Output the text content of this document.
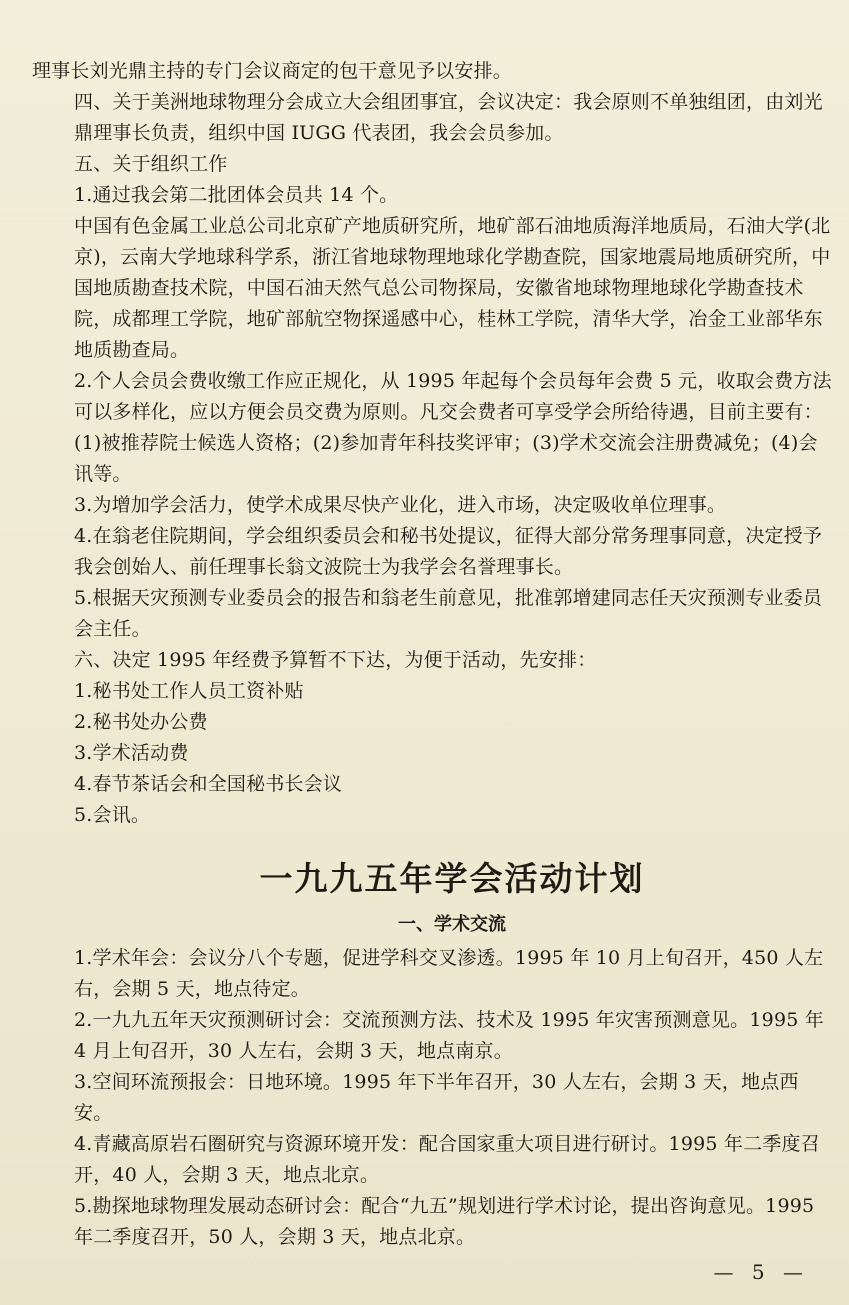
理事长刘光鼎主持的专门会议商定的包干意见予以安排。

四、关于美洲地球物理分会成立大会组团事宜，会议决定：我会原则不单独组团，由刘光鼎理事长负责，组织中国 IUGG 代表团，我会会员参加。

五、关于组织工作

1.通过我会第二批团体会员共 14 个。

中国有色金属工业总公司北京矿产地质研究所，地矿部石油地质海洋地质局，石油大学(北京)，云南大学地球科学系，浙江省地球物理地球化学勘查院，国家地震局地质研究所，中国地质勘查技术院，中国石油天然气总公司物探局，安徽省地球物理地球化学勘查技术院，成都理工学院，地矿部航空物探遥感中心，桂林工学院，清华大学，冶金工业部华东地质勘查局。

2.个人会员会费收缴工作应正规化，从 1995 年起每个会员每年会费 5 元，收取会费方法可以多样化，应以方便会员交费为原则。凡交会费者可享受学会所给待遇，目前主要有：(1)被推荐院士候选人资格；(2)参加青年科技奖评审；(3)学术交流会注册费减免；(4)会讯等。

3.为增加学会活力，使学术成果尽快产业化，进入市场，决定吸收单位理事。

4.在翁老住院期间，学会组织委员会和秘书处提议，征得大部分常务理事同意，决定授予我会创始人、前任理事长翁文波院士为我学会名誉理事长。

5.根据天灾预测专业委员会的报告和翁老生前意见，批准郭增建同志任天灾预测专业委员会主任。

六、决定 1995 年经费予算暂不下达，为便于活动，先安排：

1.秘书处工作人员工资补贴

2.秘书处办公费

3.学术活动费

4.春节茶话会和全国秘书长会议

5.会讯。

一九九五年学会活动计划
一、学术交流

1.学术年会：会议分八个专题，促进学科交叉渗透。1995 年 10 月上旬召开，450 人左右，会期 5 天，地点待定。

2.一九九五年天灾预测研讨会：交流预测方法、技术及 1995 年灾害预测意见。1995 年 4 月上旬召开，30 人左右，会期 3 天，地点南京。

3.空间环流预报会：日地环境。1995 年下半年召开，30 人左右，会期 3 天，地点西安。

4.青藏高原岩石圈研究与资源环境开发：配合国家重大项目进行研讨。1995 年二季度召开，40 人，会期 3 天，地点北京。

5.勘探地球物理发展动态研讨会：配合“九五”规划进行学术讨论，提出咨询意见。1995 年二季度召开，50 人，会期 3 天，地点北京。

— 5 —
